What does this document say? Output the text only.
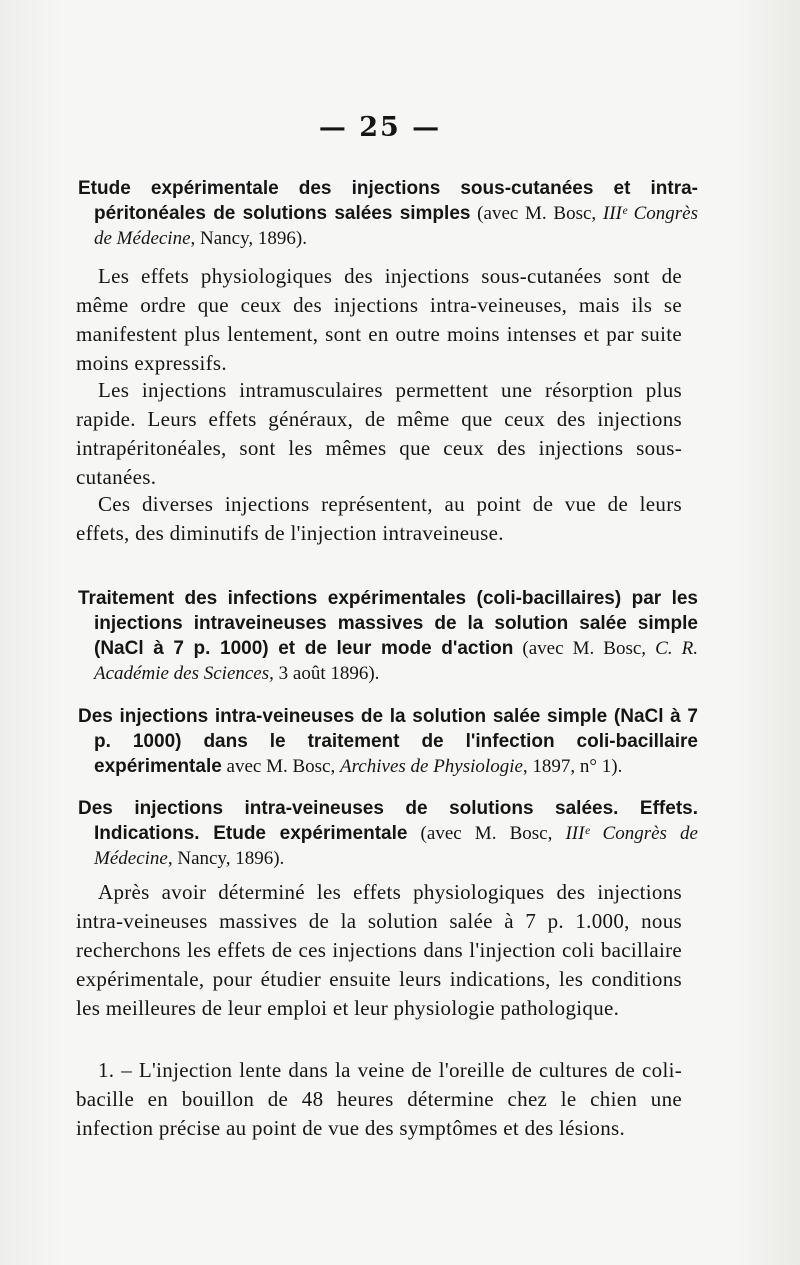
— 25 —
Etude expérimentale des injections sous-cutanées et intra-péritonéales de solutions salées simples (avec M. Bosc, IIIᵉ Congrès de Médecine, Nancy, 1896).
Les effets physiologiques des injections sous-cutanées sont de même ordre que ceux des injections intra-veineuses, mais ils se manifestent plus lentement, sont en outre moins intenses et par suite moins expressifs.
Les injections intramusculaires permettent une résorption plus rapide. Leurs effets généraux, de même que ceux des injections intrapéritonéales, sont les mêmes que ceux des injections sous-cutanées.
Ces diverses injections représentent, au point de vue de leurs effets, des diminutifs de l'injection intraveineuse.
Traitement des infections expérimentales (coli-bacillaires) par les injections intraveineuses massives de la solution salée simple (NaCl à 7 p. 1000) et de leur mode d'action (avec M. Bosc, C. R. Académie des Sciences, 3 août 1896).
Des injections intra-veineuses de la solution salée simple (NaCl à 7 p. 1000) dans le traitement de l'infection coli-bacillaire expérimentale avec M. Bosc, Archives de Physiologie, 1897, n° 1).
Des injections intra-veineuses de solutions salées. Effets. Indications. Etude expérimentale (avec M. Bosc, IIIᵉ Congrès de Médecine, Nancy, 1896).
Après avoir déterminé les effets physiologiques des injections intra-veineuses massives de la solution salée à 7 p. 1.000, nous recherchons les effets de ces injections dans l'injection coli bacillaire expérimentale, pour étudier ensuite leurs indications, les conditions les meilleures de leur emploi et leur physiologie pathologique.
1. – L'injection lente dans la veine de l'oreille de cultures de coli-bacille en bouillon de 48 heures détermine chez le chien une infection précise au point de vue des symptômes et des lésions.
